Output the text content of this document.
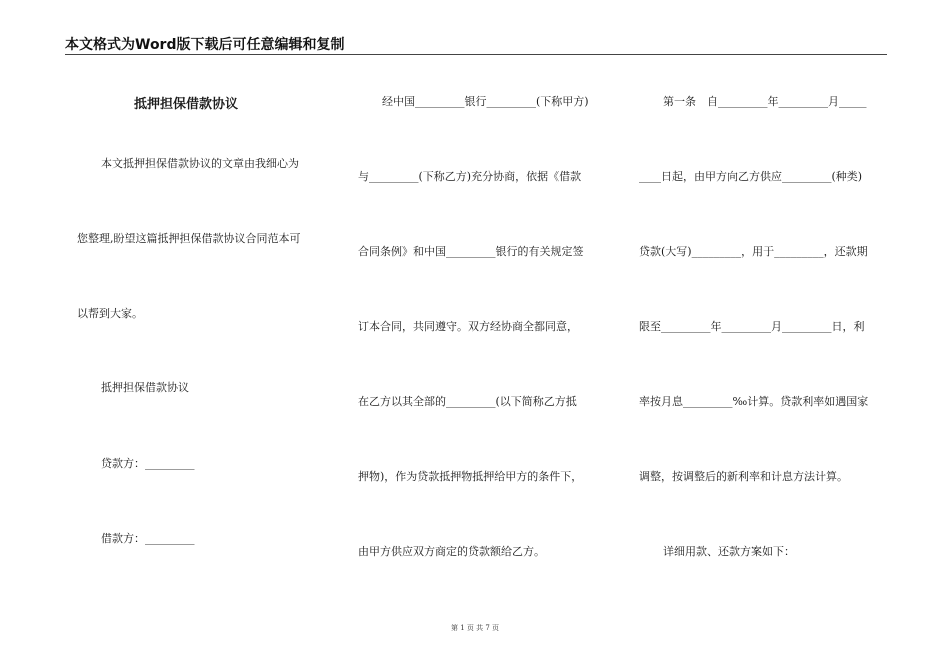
本文格式为Word版下载后可任意编辑和复制
抵押担保借款协议
本文抵押担保借款协议的文章由我细心为
您整理,盼望这篇抵押担保借款协议合同范本可
以帮到大家。
抵押担保借款协议
贷款方：_________
借款方：_________
经中国_________银行_________(下称甲方)
与_________(下称乙方)充分协商，依据《借款
合同条例》和中国_________银行的有关规定签
订本合同，共同遵守。双方经协商全都同意，
在乙方以其全部的_________(以下简称乙方抵
押物)，作为贷款抵押物抵押给甲方的条件下，
由甲方供应双方商定的贷款额给乙方。
第一条　自_________年_________月_____
____日起，由甲方向乙方供应_________(种类)
贷款(大写)_________，用于_________，还款期
限至_________年_________月_________日，利
率按月息_________‰计算。贷款利率如遇国家
调整，按调整后的新利率和计息方法计算。
详细用款、还款方案如下：
第 1 页 共 7 页
